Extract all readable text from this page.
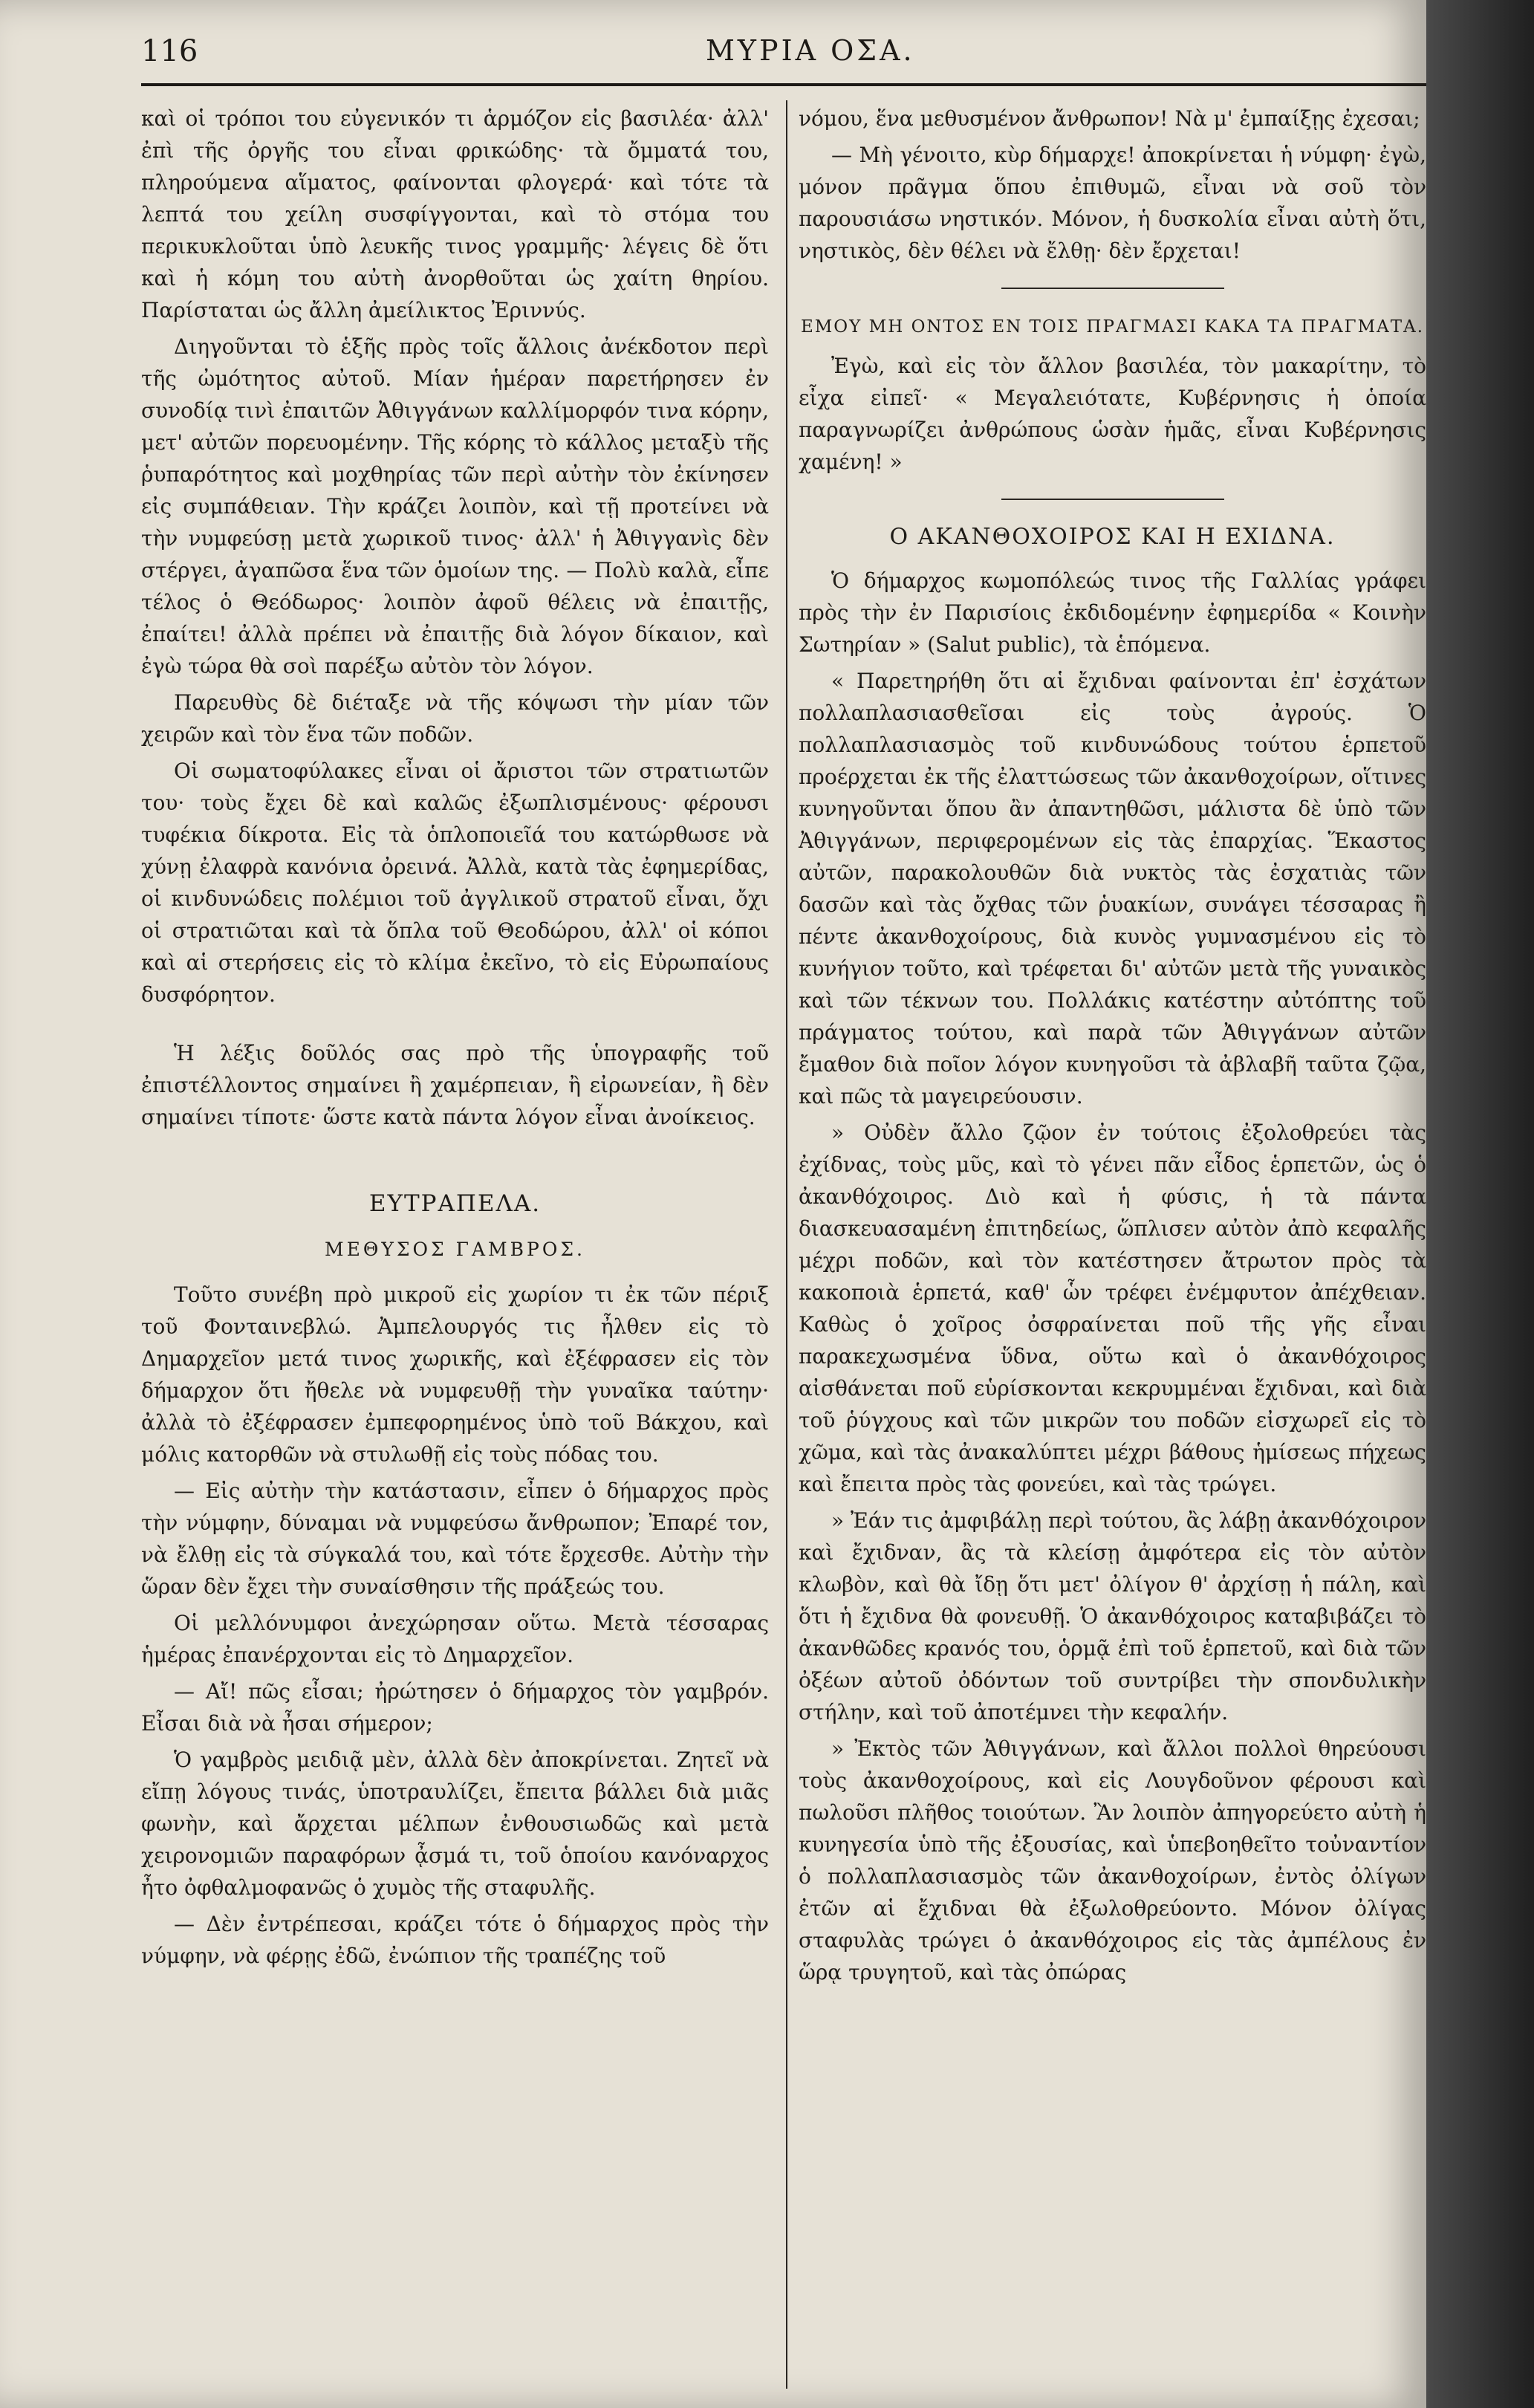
116	ΜΥΡΙΑ ΟΣΑ.

καὶ οἱ τρόποι του εὐγενικόν τι ἁρμόζον εἰς βασιλέα· ἀλλ' ἐπὶ τῆς ὀργῆς του εἶναι φρικώδης· τὰ ὄμματά του, πληρούμενα αἵματος, φαίνονται φλογερά· καὶ τότε τὰ λεπτά του χείλη συσφίγγονται, καὶ τὸ στόμα του περικυκλοῦται ὑπὸ λευκῆς τινος γραμμῆς· λέγεις δὲ ὅτι καὶ ἡ κόμη του αὐτὴ ἀνορθοῦται ὡς χαίτη θηρίου. Παρίσταται ὡς ἄλλη ἀμείλικτος Ἐριννύς.

Διηγοῦνται τὸ ἑξῆς πρὸς τοῖς ἄλλοις ἀνέκδοτον περὶ τῆς ὠμότητος αὐτοῦ. Μίαν ἡμέραν παρετήρησεν ἐν συνοδίᾳ τινὶ ἐπαιτῶν Ἀθιγγάνων καλλίμορφόν τινα κόρην, μετ' αὐτῶν πορευομένην. Τῆς κόρης τὸ κάλλος μεταξὺ τῆς ῥυπαρότητος καὶ μοχθηρίας τῶν περὶ αὐτὴν τὸν ἐκίνησεν εἰς συμπάθειαν. Τὴν κράζει λοιπὸν, καὶ τῇ προτείνει νὰ τὴν νυμφεύσῃ μετὰ χωρικοῦ τινος· ἀλλ' ἡ Ἀθιγγανὶς δὲν στέργει, ἀγαπῶσα ἕνα τῶν ὁμοίων της. — Πολὺ καλὰ, εἶπε τέλος ὁ Θεόδωρος· λοιπὸν ἀφοῦ θέλεις νὰ ἐπαιτῇς, ἐπαίτει! ἀλλὰ πρέπει νὰ ἐπαιτῇς διὰ λόγον δίκαιον, καὶ ἐγὼ τώρα θὰ σοὶ παρέξω αὐτὸν τὸν λόγον.

Παρευθὺς δὲ διέταξε νὰ τῆς κόψωσι τὴν μίαν τῶν χειρῶν καὶ τὸν ἕνα τῶν ποδῶν.

Οἱ σωματοφύλακες εἶναι οἱ ἄριστοι τῶν στρατιωτῶν του· τοὺς ἔχει δὲ καὶ καλῶς ἐξωπλισμένους· φέρουσι τυφέκια δίκροτα. Εἰς τὰ ὁπλοποιεῖά του κατώρθωσε νὰ χύνῃ ἐλαφρὰ κανόνια ὀρεινά. Ἀλλὰ, κατὰ τὰς ἐφημερίδας, οἱ κινδυνώδεις πολέμιοι τοῦ ἀγγλικοῦ στρατοῦ εἶναι, ὄχι οἱ στρατιῶται καὶ τὰ ὅπλα τοῦ Θεοδώρου, ἀλλ' οἱ κόποι καὶ αἱ στερήσεις εἰς τὸ κλίμα ἐκεῖνο, τὸ εἰς Εὐρωπαίους δυσφόρητον.

Ἡ λέξις δοῦλός σας πρὸ τῆς ὑπογραφῆς τοῦ ἐπιστέλλοντος σημαίνει ἢ χαμέρπειαν, ἢ εἰρωνείαν, ἢ δὲν σημαίνει τίποτε· ὥστε κατὰ πάντα λόγον εἶναι ἀνοίκειος.

ΕΥΤΡΑΠΕΛΑ.
ΜΕΘΥΣΟΣ ΓΑΜΒΡΟΣ.

Τοῦτο συνέβη πρὸ μικροῦ εἰς χωρίον τι ἐκ τῶν πέριξ τοῦ Φονταινεβλώ. Ἀμπελουργός τις ἦλθεν εἰς τὸ Δημαρχεῖον μετά τινος χωρικῆς, καὶ ἐξέφρασεν εἰς τὸν δήμαρχον ὅτι ἤθελε νὰ νυμφευθῇ τὴν γυναῖκα ταύτην· ἀλλὰ τὸ ἐξέφρασεν ἐμπεφορημένος ὑπὸ τοῦ Βάκχου, καὶ μόλις κατορθῶν νὰ στυλωθῇ εἰς τοὺς πόδας του.

— Εἰς αὐτὴν τὴν κατάστασιν, εἶπεν ὁ δήμαρχος πρὸς τὴν νύμφην, δύναμαι νὰ νυμφεύσω ἄνθρωπον; Ἐπαρέ τον, νὰ ἔλθῃ εἰς τὰ σύγκαλά του, καὶ τότε ἔρχεσθε. Αὐτὴν τὴν ὥραν δὲν ἔχει τὴν συναίσθησιν τῆς πράξεώς του.

Οἱ μελλόνυμφοι ἀνεχώρησαν οὕτω. Μετὰ τέσσαρας ἡμέρας ἐπανέρχονται εἰς τὸ Δημαρχεῖον.

— Αἴ! πῶς εἶσαι; ἠρώτησεν ὁ δήμαρχος τὸν γαμβρόν. Εἶσαι διὰ νὰ ἦσαι σήμερον;

Ὁ γαμβρὸς μειδιᾷ μὲν, ἀλλὰ δὲν ἀποκρίνεται. Ζητεῖ νὰ εἴπῃ λόγους τινάς, ὑποτραυλίζει, ἔπειτα βάλλει διὰ μιᾶς φωνὴν, καὶ ἄρχεται μέλπων ἐνθουσιωδῶς καὶ μετὰ χειρονομιῶν παραφόρων ᾆσμά τι, τοῦ ὁποίου κανόναρχος ἦτο ὀφθαλμοφανῶς ὁ χυμὸς τῆς σταφυλῆς.

— Δὲν ἐντρέπεσαι, κράζει τότε ὁ δήμαρχος πρὸς τὴν νύμφην, νὰ φέρῃς ἐδῶ, ἐνώπιον τῆς τραπέζης τοῦ

νόμου, ἕνα μεθυσμένον ἄνθρωπον! Νὰ μ' ἐμπαίξῃς ἐχεσαι;

— Μὴ γένοιτο, κὺρ δήμαρχε! ἀποκρίνεται ἡ νύμφη· ἐγὼ, μόνον πρᾶγμα ὅπου ἐπιθυμῶ, εἶναι νὰ σοῦ τὸν παρουσιάσω νηστικόν. Μόνον, ἡ δυσκολία εἶναι αὐτὴ ὅτι, νηστικὸς, δὲν θέλει νὰ ἔλθῃ· δὲν ἔρχεται!

ΕΜΟΥ ΜΗ ΟΝΤΟΣ ΕΝ ΤΟΙΣ ΠΡΑΓΜΑΣΙ ΚΑΚΑ ΤΑ ΠΡΑΓΜΑΤΑ.

Ἐγὼ, καὶ εἰς τὸν ἄλλον βασιλέα, τὸν μακαρίτην, τὸ εἶχα εἰπεῖ· « Μεγαλειότατε, Κυβέρνησις ἡ ὁποία παραγνωρίζει ἀνθρώπους ὡσὰν ἡμᾶς, εἶναι Κυβέρνησις χαμένη! »

Ο ΑΚΑΝΘΟΧΟΙΡΟΣ ΚΑΙ Η ΕΧΙΔΝΑ.

Ὁ δήμαρχος κωμοπόλεώς τινος τῆς Γαλλίας γράφει πρὸς τὴν ἐν Παρισίοις ἐκδιδομένην ἐφημερίδα « Κοινὴν Σωτηρίαν » (Salut public), τὰ ἑπόμενα.

« Παρετηρήθη ὅτι αἱ ἔχιδναι φαίνονται ἐπ' ἐσχάτων πολλαπλασιασθεῖσαι εἰς τοὺς ἀγρούς. Ὁ πολλαπλασιασμὸς τοῦ κινδυνώδους τούτου ἑρπετοῦ προέρχεται ἐκ τῆς ἐλαττώσεως τῶν ἀκανθοχοίρων, οἵτινες κυνηγοῦνται ὅπου ἂν ἀπαντηθῶσι, μάλιστα δὲ ὑπὸ τῶν Ἀθιγγάνων, περιφερομένων εἰς τὰς ἐπαρχίας. Ἕκαστος αὐτῶν, παρακολουθῶν διὰ νυκτὸς τὰς ἐσχατιὰς τῶν δασῶν καὶ τὰς ὄχθας τῶν ῥυακίων, συνάγει τέσσαρας ἢ πέντε ἀκανθοχοίρους, διὰ κυνὸς γυμνασμένου εἰς τὸ κυνήγιον τοῦτο, καὶ τρέφεται δι' αὐτῶν μετὰ τῆς γυναικὸς καὶ τῶν τέκνων του. Πολλάκις κατέστην αὐτόπτης τοῦ πράγματος τούτου, καὶ παρὰ τῶν Ἀθιγγάνων αὐτῶν ἔμαθον διὰ ποῖον λόγον κυνηγοῦσι τὰ ἀβλαβῆ ταῦτα ζῷα, καὶ πῶς τὰ μαγειρεύουσιν.

» Οὐδὲν ἄλλο ζῷον ἐν τούτοις ἐξολοθρεύει τὰς ἐχίδνας, τοὺς μῦς, καὶ τὸ γένει πᾶν εἶδος ἑρπετῶν, ὡς ὁ ἀκανθόχοιρος. Διὸ καὶ ἡ φύσις, ἡ τὰ πάντα διασκευασαμένη ἐπιτηδείως, ὥπλισεν αὐτὸν ἀπὸ κεφαλῆς μέχρι ποδῶν, καὶ τὸν κατέστησεν ἄτρωτον πρὸς τὰ κακοποιὰ ἑρπετά, καθ' ὧν τρέφει ἐνέμφυτον ἀπέχθειαν. Καθὼς ὁ χοῖρος ὀσφραίνεται ποῦ τῆς γῆς εἶναι παρακεχωσμένα ὕδνα, οὕτω καὶ ὁ ἀκανθόχοιρος αἰσθάνεται ποῦ εὑρίσκονται κεκρυμμέναι ἔχιδναι, καὶ διὰ τοῦ ῥύγχους καὶ τῶν μικρῶν του ποδῶν εἰσχωρεῖ εἰς τὸ χῶμα, καὶ τὰς ἀνακαλύπτει μέχρι βάθους ἡμίσεως πήχεως καὶ ἔπειτα πρὸς τὰς φονεύει, καὶ τὰς τρώγει.

» Ἐάν τις ἀμφιβάλῃ περὶ τούτου, ἂς λάβῃ ἀκανθόχοιρον καὶ ἔχιδναν, ἂς τὰ κλείσῃ ἀμφότερα εἰς τὸν αὐτὸν κλωβὸν, καὶ θὰ ἴδῃ ὅτι μετ' ὀλίγον θ' ἀρχίσῃ ἡ πάλη, καὶ ὅτι ἡ ἔχιδνα θὰ φονευθῇ. Ὁ ἀκανθόχοιρος καταβιβάζει τὸ ἀκανθῶδες κρανός του, ὁρμᾷ ἐπὶ τοῦ ἑρπετοῦ, καὶ διὰ τῶν ὀξέων αὐτοῦ ὀδόντων τοῦ συντρίβει τὴν σπονδυλικὴν στήλην, καὶ τοῦ ἀποτέμνει τὴν κεφαλήν.

» Ἐκτὸς τῶν Ἀθιγγάνων, καὶ ἄλλοι πολλοὶ θηρεύουσι τοὺς ἀκανθοχοίρους, καὶ εἰς Λουγδοῦνον φέρουσι καὶ πωλοῦσι πλῆθος τοιούτων. Ἂν λοιπὸν ἀπηγορεύετο αὐτὴ ἡ κυνηγεσία ὑπὸ τῆς ἐξουσίας, καὶ ὑπεβοηθεῖτο τοὐναντίον ὁ πολλαπλασιασμὸς τῶν ἀκανθοχοίρων, ἐντὸς ὀλίγων ἐτῶν αἱ ἔχιδναι θὰ ἐξωλοθρεύοντο. Μόνον ὀλίγας σταφυλὰς τρώγει ὁ ἀκανθόχοιρος εἰς τὰς ἀμπέλους ἐν ὥρᾳ τρυγητοῦ, καὶ τὰς ὀπώρας
